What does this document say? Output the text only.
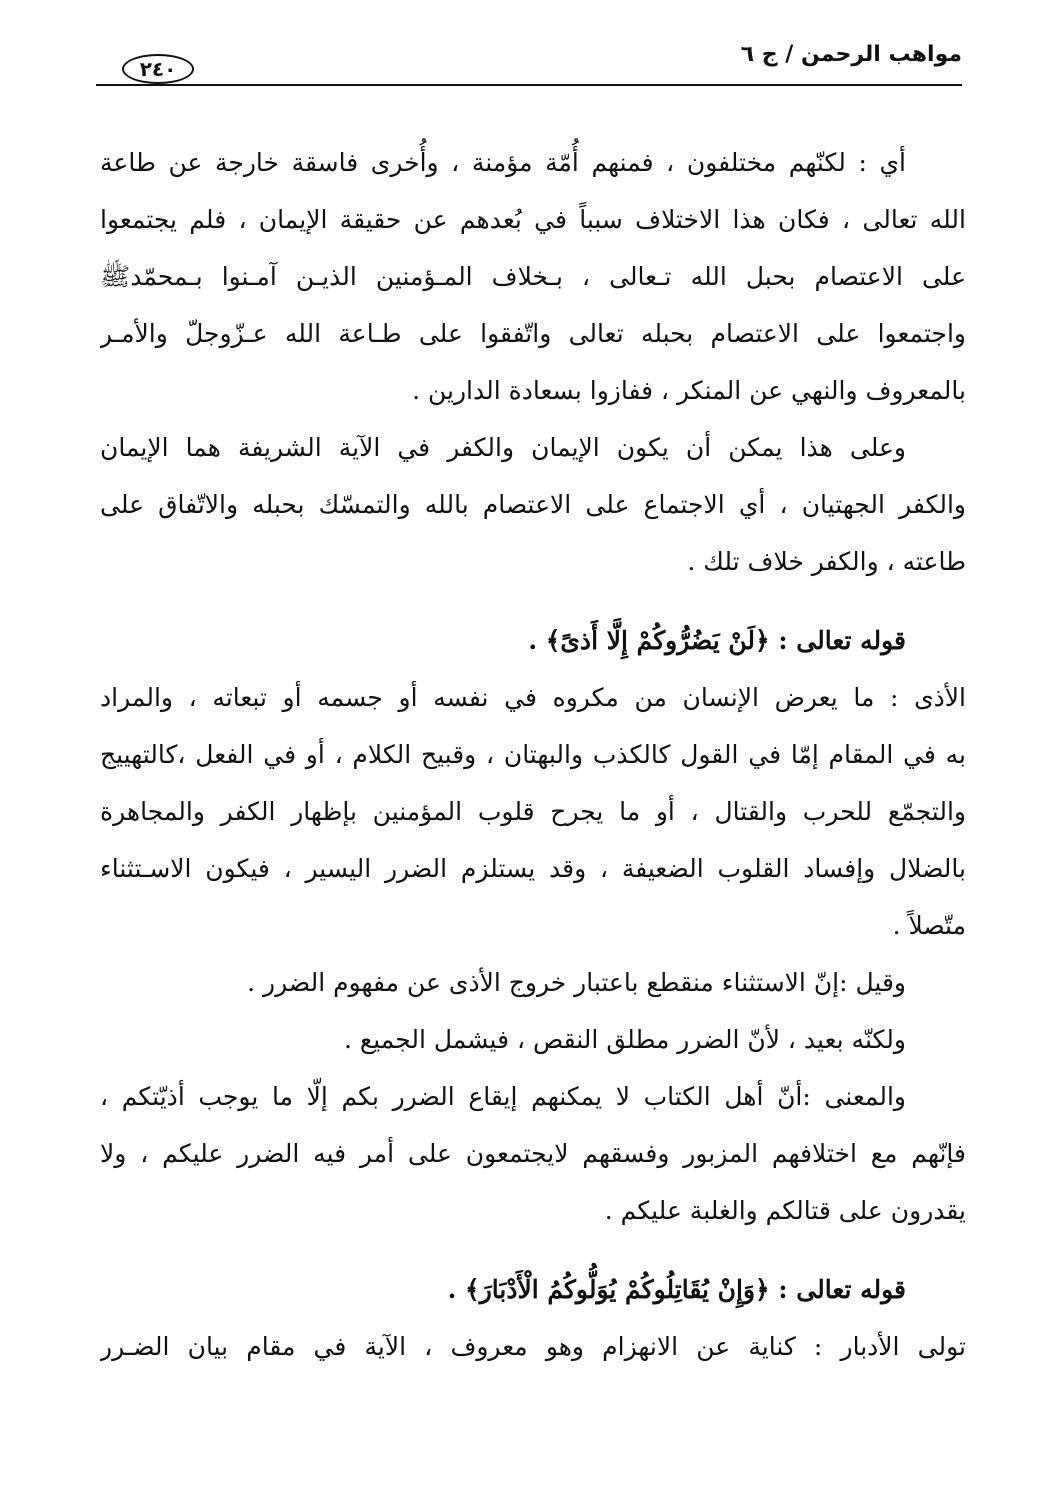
مواهب الرحمن / ج ٦
٢٤٠
أي : لكنّهم مختلفون ، فمنهم أُمّة مؤمنة ، وأُخرى فاسقة خارجة عن طاعة
الله تعالى ، فكان هذا الاختلاف سبباً في بُعدهم عن حقيقة الإيمان ، فلم يجتمعوا
على الاعتصام بحبل الله تـعالى ، بـخلاف المـؤمنين الذيـن آمـنوا بـمحمّدﷺ
واجتمعوا على الاعتصام بحبله تعالى واتّفقوا على طـاعة الله عـزّوجلّ والأمـر
بالمعروف والنهي عن المنكر ، ففازوا بسعادة الدارين .
وعلى هذا يمكن أن يكون الإيمان والكفر في الآية الشريفة هما الإيمان
والكفر الجهتيان ، أي الاجتماع على الاعتصام بالله والتمسّك بحبله والاتّفاق على
طاعته ، والكفر خلاف تلك .
قوله تعالى : ﴿لَنْ يَضُرُّوكُمْ إِلَّا أَذىً﴾ .
الأذى : ما يعرض الإنسان من مكروه في نفسه أو جسمه أو تبعاته ، والمراد
به في المقام إمّا في القول كالكذب والبهتان ، وقبيح الكلام ، أو في الفعل ،كالتهييج
والتجمّع للحرب والقتال ، أو ما يجرح قلوب المؤمنين بإظهار الكفر والمجاهرة
بالضلال وإفساد القلوب الضعيفة ، وقد يستلزم الضرر اليسير ، فيكون الاسـتثناء
متّصلاً .
وقيل :إنّ الاستثناء منقطع باعتبار خروج الأذى عن مفهوم الضرر .
ولكنّه بعيد ، لأنّ الضرر مطلق النقص ، فيشمل الجميع .
والمعنى :أنّ أهل الكتاب لا يمكنهم إيقاع الضرر بكم إلّا ما يوجب أذيّتكم ،
فإنّهم مع اختلافهم المزبور وفسقهم لايجتمعون على أمر فيه الضرر عليكم ، ولا
يقدرون على قتالكم والغلبة عليكم .
قوله تعالى : ﴿وَإِنْ يُقَاتِلُوكُمْ يُوَلُّوكُمُ الْأَدْبَارَ﴾ .
تولى الأدبار : كناية عن الانهزام وهو معروف ، الآية في مقام بيان الضـرر
